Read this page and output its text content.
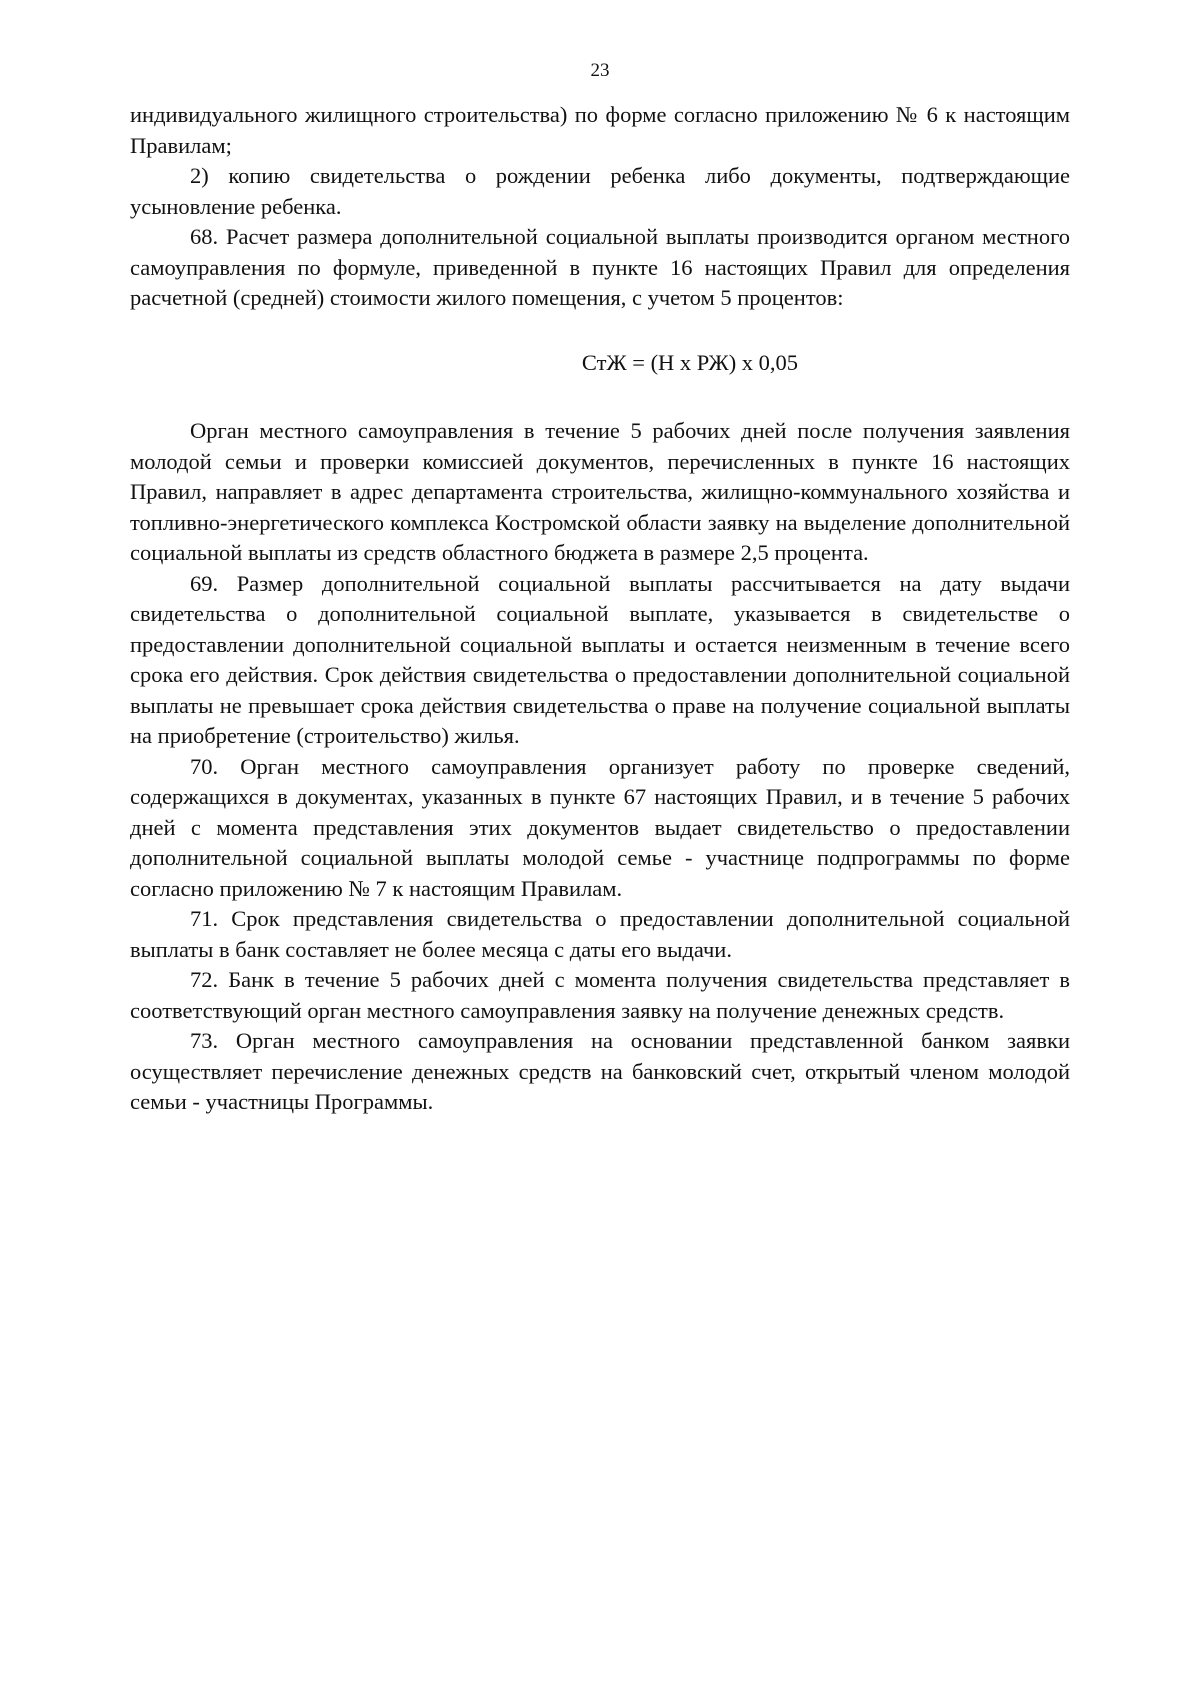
23

индивидуального жилищного строительства) по форме согласно приложению № 6 к настоящим Правилам;

2) копию свидетельства о рождении ребенка либо документы, подтверждающие усыновление ребенка.

68. Расчет размера дополнительной социальной выплаты производится органом местного самоуправления по формуле, приведенной в пункте 16 настоящих Правил для определения расчетной (средней) стоимости жилого помещения, с учетом 5 процентов:

СтЖ = (Н х РЖ) х 0,05

Орган местного самоуправления в течение 5 рабочих дней после получения заявления молодой семьи и проверки комиссией документов, перечисленных в пункте 16 настоящих Правил, направляет в адрес департамента строительства, жилищно-коммунального хозяйства и топливно-энергетического комплекса Костромской области заявку на выделение дополнительной социальной выплаты из средств областного бюджета в размере 2,5 процента.

69. Размер дополнительной социальной выплаты рассчитывается на дату выдачи свидетельства о дополнительной социальной выплате, указывается в свидетельстве о предоставлении дополнительной социальной выплаты и остается неизменным в течение всего срока его действия. Срок действия свидетельства о предоставлении дополнительной социальной выплаты не превышает срока действия свидетельства о праве на получение социальной выплаты на приобретение (строительство) жилья.

70. Орган местного самоуправления организует работу по проверке сведений, содержащихся в документах, указанных в пункте 67 настоящих Правил, и в течение 5 рабочих дней с момента представления этих документов выдает свидетельство о предоставлении дополнительной социальной выплаты молодой семье - участнице подпрограммы по форме согласно приложению № 7 к настоящим Правилам.

71. Срок представления свидетельства о предоставлении дополнительной социальной выплаты в банк составляет не более месяца с даты его выдачи.

72. Банк в течение 5 рабочих дней с момента получения свидетельства представляет в соответствующий орган местного самоуправления заявку на получение денежных средств.

73. Орган местного самоуправления на основании представленной банком заявки осуществляет перечисление денежных средств на банковский счет, открытый членом молодой семьи - участницы Программы.
